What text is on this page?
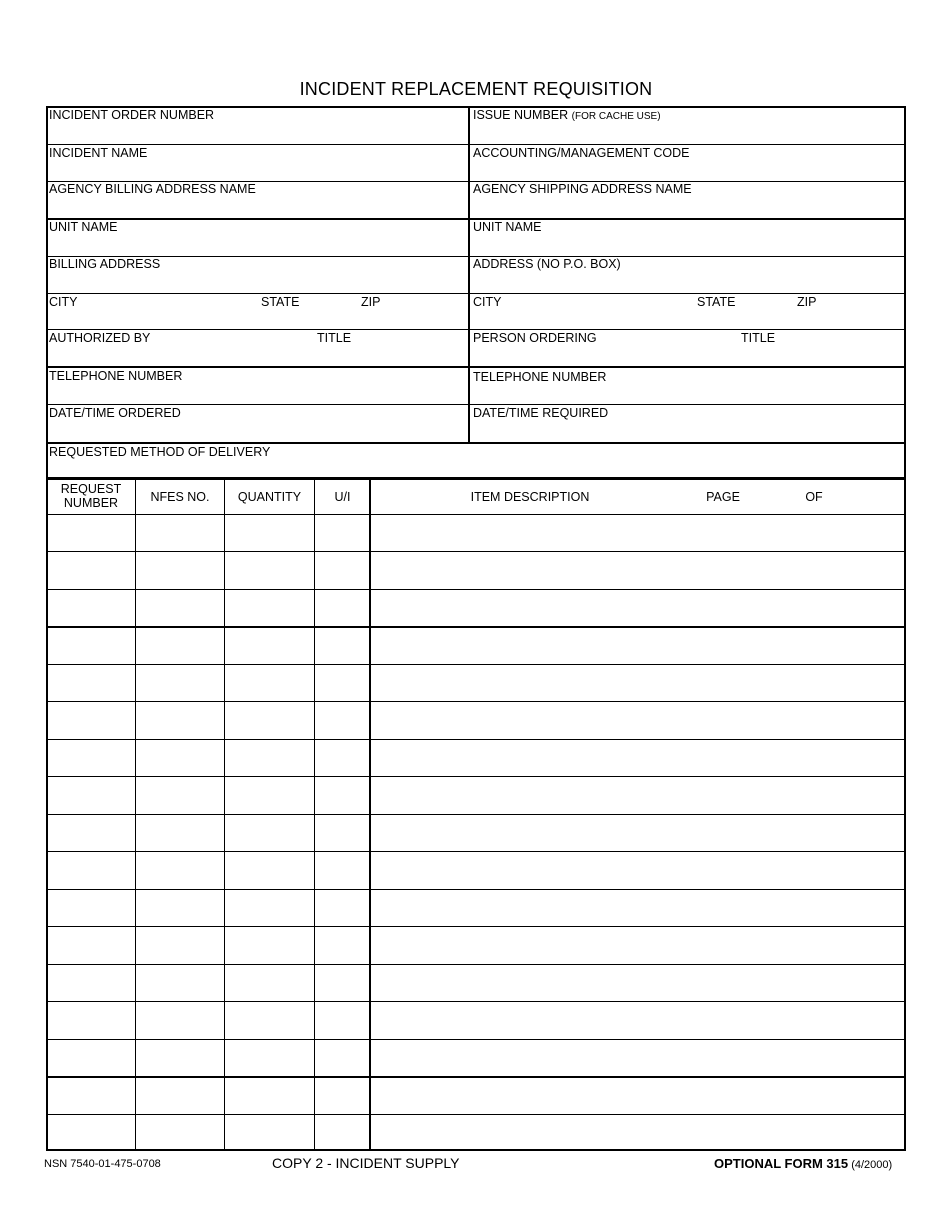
INCIDENT REPLACEMENT REQUISITION
INCIDENT ORDER NUMBER
INCIDENT NAME
AGENCY BILLING ADDRESS NAME
UNIT NAME
BILLING ADDRESS
CITY	STATE	ZIP
AUTHORIZED BY	TITLE
TELEPHONE NUMBER
DATE/TIME ORDERED
REQUESTED METHOD OF DELIVERY
ISSUE NUMBER (FOR CACHE USE)
ACCOUNTING/MANAGEMENT CODE
AGENCY SHIPPING ADDRESS NAME
UNIT NAME
ADDRESS (NO P.O. BOX)
CITY	STATE	ZIP
PERSON ORDERING	TITLE
TELEPHONE NUMBER
DATE/TIME REQUIRED
REQUEST NUMBER	NFES NO.	QUANTITY	U/I	ITEM DESCRIPTION	PAGE	OF
NSN 7540-01-475-0708	COPY 2 - INCIDENT SUPPLY	OPTIONAL FORM 315 (4/2000)
